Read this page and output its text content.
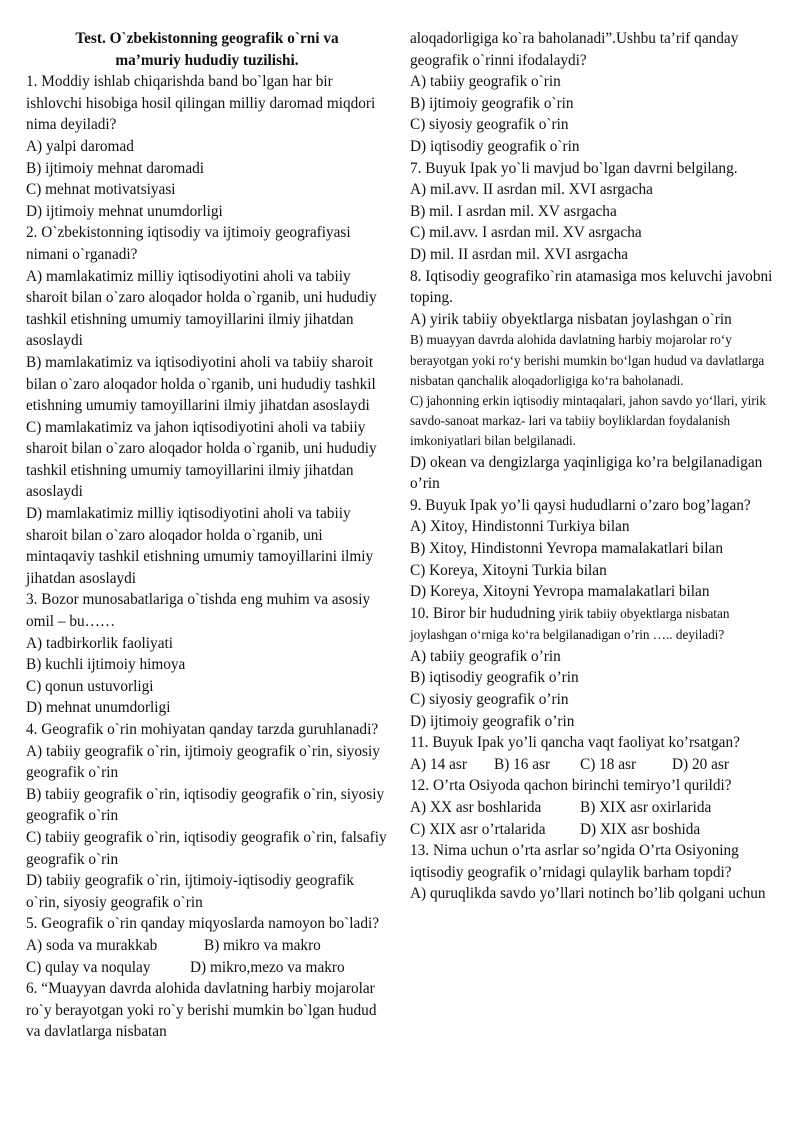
Test. O`zbekistonning geografik o`rni va

ma’muriy hududiy tuzilishi.

1. Moddiy ishlab chiqarishda band bo`lgan har bir ishlovchi hisobiga hosil qilingan milliy daromad miqdori nima deyiladi?

A) yalpi daromad

B) ijtimoiy mehnat daromadi

C) mehnat motivatsiyasi

D) ijtimoiy mehnat unumdorligi

2. O`zbekistonning iqtisodiy va ijtimoiy geografiyasi nimani o`rganadi?

A) mamlakatimiz milliy iqtisodiyotini aholi va tabiiy sharoit bilan o`zaro aloqador holda o`rganib, uni hududiy tashkil etishning umumiy tamoyillarini ilmiy jihatdan asoslaydi

B) mamlakatimiz va iqtisodiyotini aholi va tabiiy sharoit bilan o`zaro aloqador holda o`rganib, uni hududiy tashkil etishning umumiy tamoyillarini ilmiy jihatdan asoslaydi

C) mamlakatimiz va jahon iqtisodiyotini aholi va tabiiy sharoit bilan o`zaro aloqador holda o`rganib, uni hududiy tashkil etishning umumiy tamoyillarini ilmiy jihatdan asoslaydi

D) mamlakatimiz milliy iqtisodiyotini aholi va tabiiy sharoit bilan o`zaro aloqador holda o`rganib, uni mintaqaviy tashkil etishning umumiy tamoyillarini ilmiy jihatdan asoslaydi

3. Bozor munosabatlariga o`tishda eng muhim va asosiy omil – bu……

A) tadbirkorlik faoliyati

B) kuchli ijtimoiy himoya

C) qonun ustuvorligi

D) mehnat unumdorligi

4. Geografik o`rin mohiyatan qanday tarzda guruhlanadi?

A) tabiiy geografik o`rin, ijtimoiy geografik o`rin, siyosiy geografik o`rin

B) tabiiy geografik o`rin, iqtisodiy geografik o`rin, siyosiy geografik o`rin

C) tabiiy geografik o`rin, iqtisodiy geografik o`rin, falsafiy geografik o`rin

D) tabiiy geografik o`rin, ijtimoiy-iqtisodiy geografik o`rin, siyosiy geografik o`rin

5. Geografik o`rin qanday miqyoslarda namoyon bo`ladi?

A) soda va murakkab	B) mikro va makro
C) qulay va noqulay	D) mikro,mezo va makro

6. “Muayyan davrda alohida davlatning harbiy mojarolar ro`y berayotgan yoki ro`y berishi mumkin bo`lgan hudud va davlatlarga nisbatan

aloqadorligiga ko`ra baholanadi”.Ushbu ta’rif qanday geografik o`rinni ifodalaydi?

A) tabiiy geografik o`rin

B) ijtimoiy geografik o`rin

C) siyosiy geografik o`rin

D) iqtisodiy geografik o`rin

7. Buyuk Ipak yo`li mavjud bo`lgan davrni belgilang.

A) mil.avv. II asrdan mil. XVI asrgacha

B) mil. I asrdan mil. XV asrgacha

C) mil.avv. I asrdan mil. XV asrgacha

D) mil. II asrdan mil. XVI asrgacha

8. Iqtisodiy geografiko`rin atamasiga mos keluvchi javobni toping.

A) yirik tabiiy obyektlarga nisbatan joylashgan o`rin

B) muayyan davrda alohida davlatning harbiy mojarolar ro‘y berayotgan yoki ro‘y berishi mumkin bo‘lgan hudud va davlatlarga nisbatan qanchalik aloqadorligiga ko‘ra baholanadi.

C) jahonning erkin iqtisodiy mintaqalari, jahon savdo yo‘llari, yirik savdo-sanoat markaz- lari va tabiiy boyliklardan foydalanish imkoniyatlari bilan belgilanadi.

D) okean va dengizlarga yaqinligiga ko’ra belgilanadigan o’rin

9. Buyuk Ipak yo’li qaysi hududlarni o’zaro bog’lagan?

A) Xitoy, Hindistonni Turkiya bilan

B) Xitoy, Hindistonni Yevropa mamalakatlari bilan

C) Koreya, Xitoyni Turkia bilan

D) Koreya, Xitoyni Yevropa mamalakatlari bilan

10. Biror bir hududning yirik tabiiy obyektlarga nisbatan joylashgan o‘rniga ko‘ra belgilanadigan o’rin ….. deyiladi?

A) tabiiy geografik o’rin

B) iqtisodiy geografik o’rin

C) siyosiy geografik o’rin

D) ijtimoiy geografik o’rin

11. Buyuk Ipak yo’li qancha vaqt faoliyat ko’rsatgan?

A) 14 asr	B) 16 asr	C) 18 asr	D) 20 asr

12. O’rta Osiyoda qachon birinchi temiryo’l qurildi?

A) XX asr boshlarida	B) XIX asr oxirlarida
C) XIX asr o’rtalarida	D) XIX asr boshida

13. Nima uchun o’rta asrlar so’ngida O’rta Osiyoning iqtisodiy geografik o’rnidagi qulaylik barham topdi?

A) quruqlikda savdo yo’llari notinch bo’lib qolgani uchun
